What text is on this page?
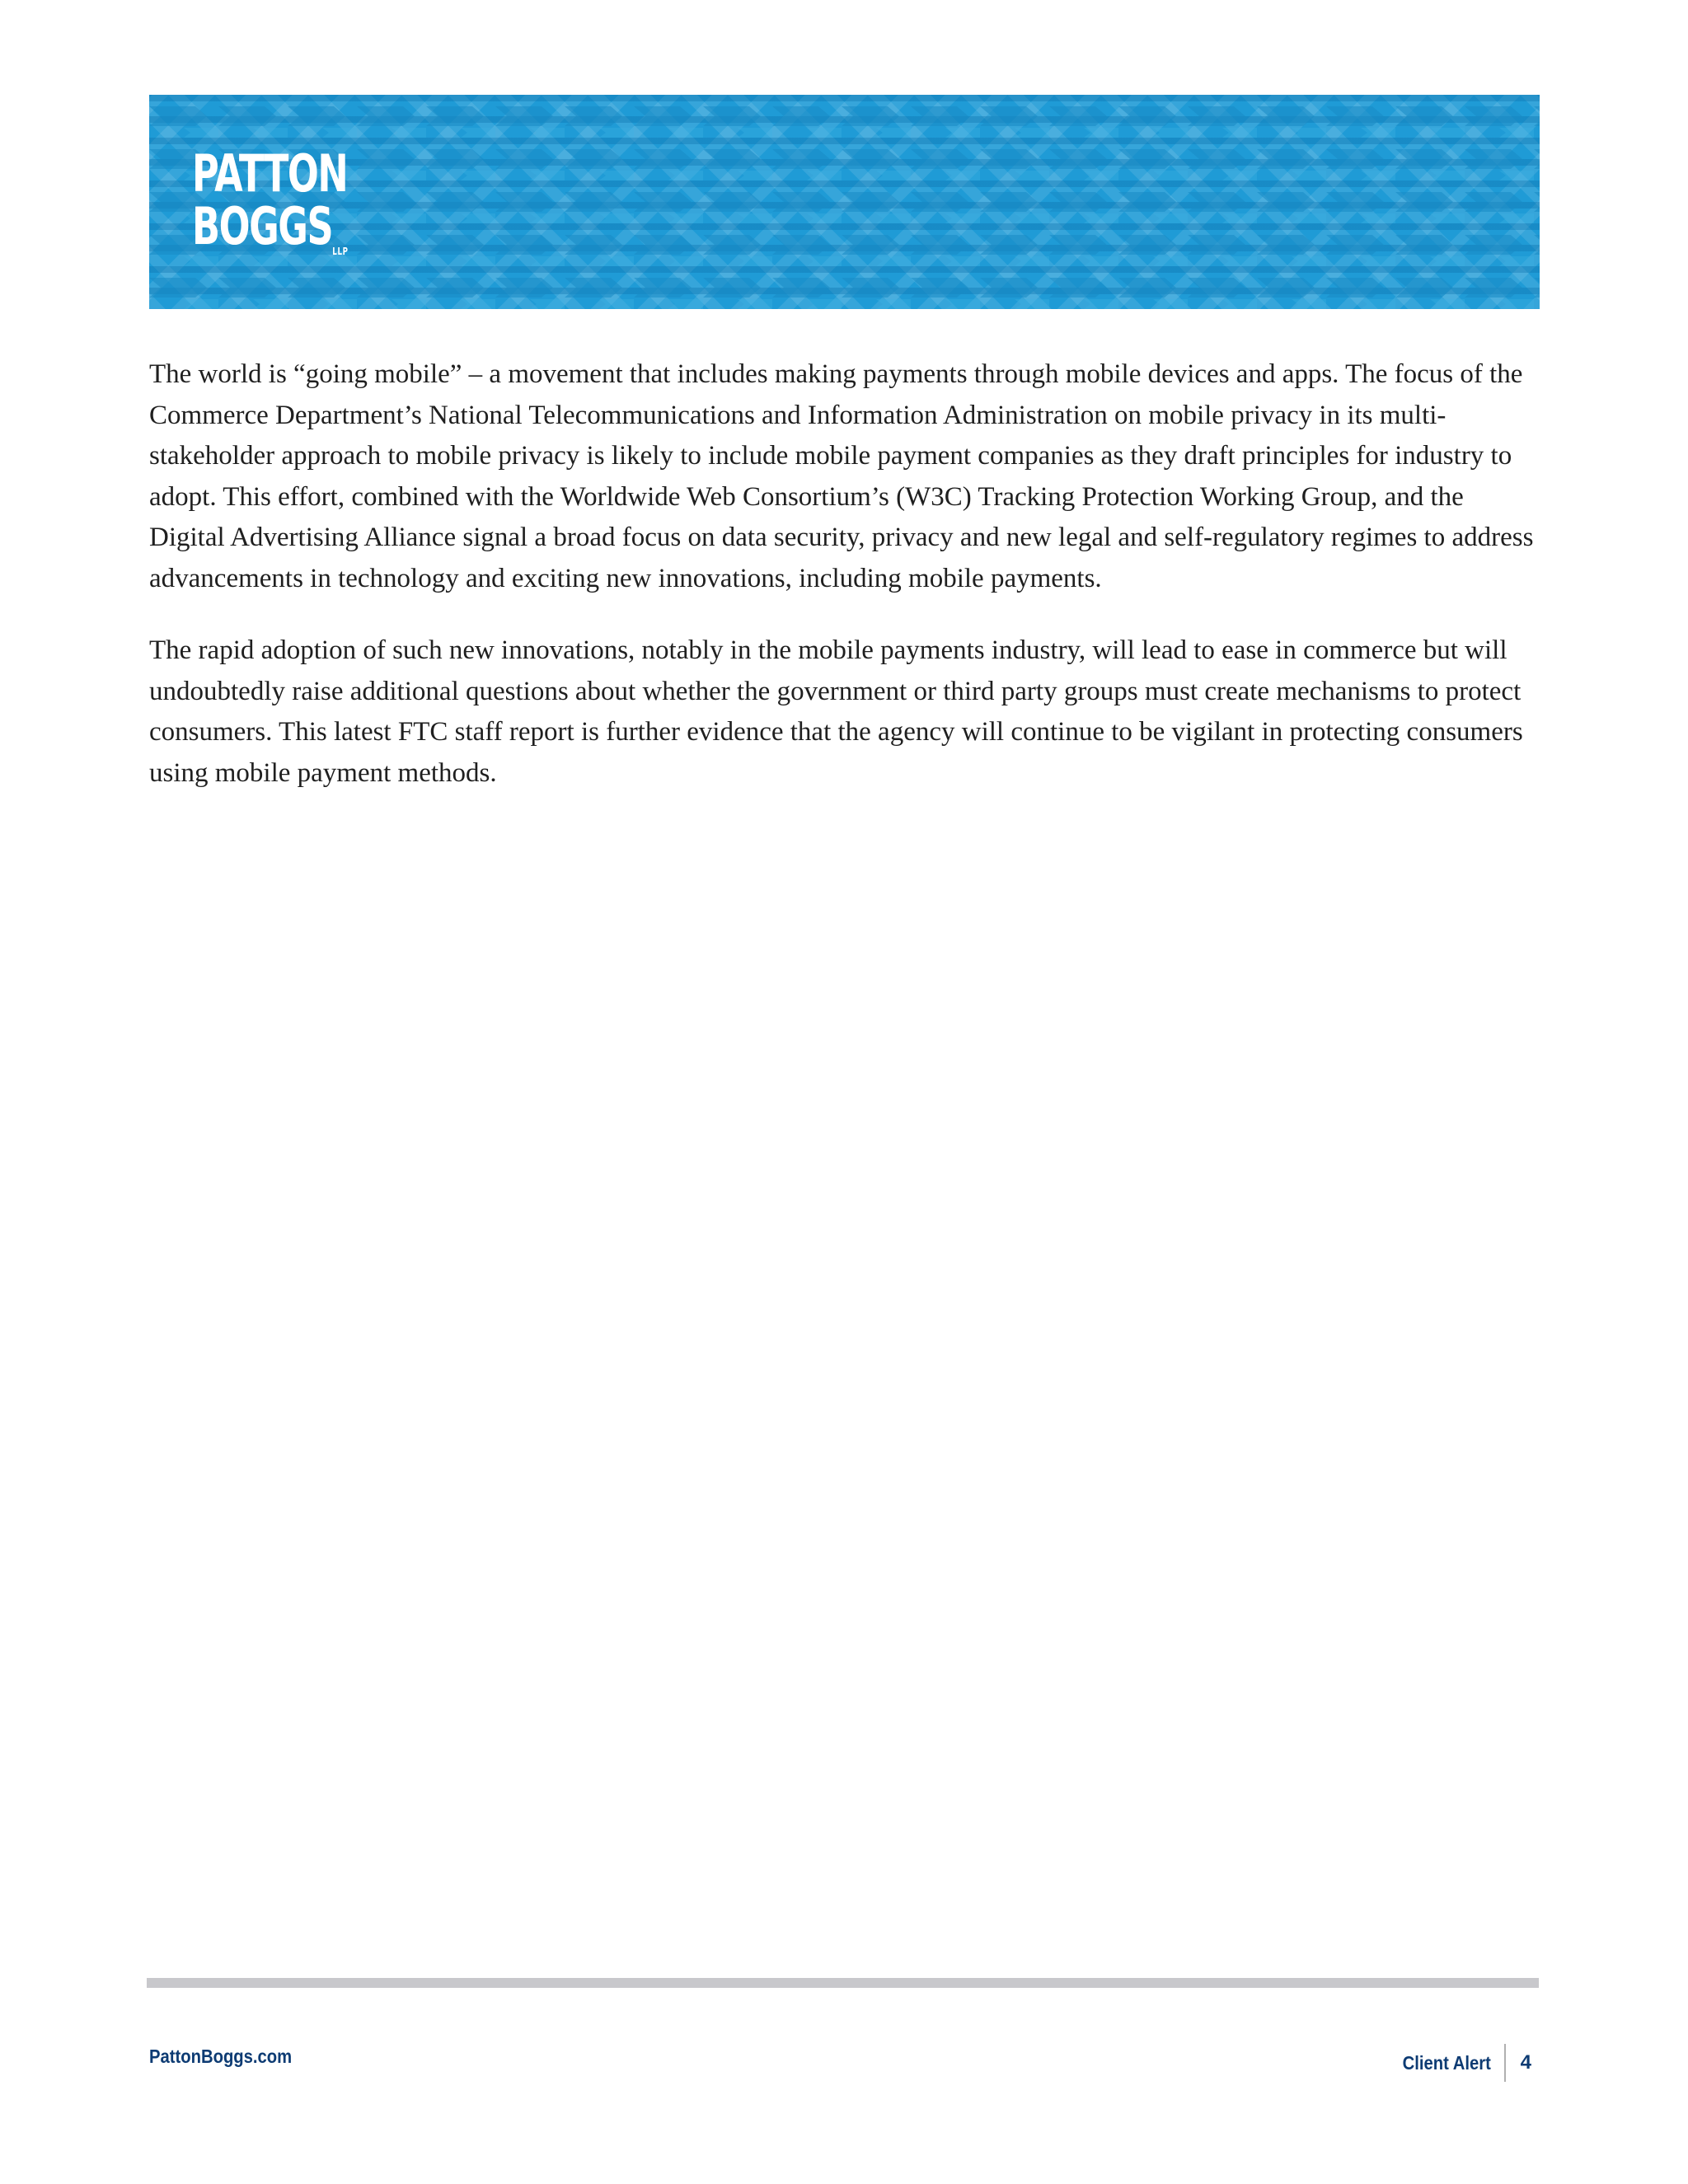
PATTON
$BOGGS^{LLP}$

The world is “going mobile” – a movement that includes making payments through mobile devices and apps. The focus of the Commerce Department’s National Telecommunications and Information Administration on mobile privacy in its multi-stakeholder approach to mobile privacy is likely to include mobile payment companies as they draft principles for industry to adopt. This effort, combined with the Worldwide Web Consortium’s (W3C) Tracking Protection Working Group, and the Digital Advertising Alliance signal a broad focus on data security, privacy and new legal and self-regulatory regimes to address advancements in technology and exciting new innovations, including mobile payments.

The rapid adoption of such new innovations, notably in the mobile payments industry, will lead to ease in commerce but will undoubtedly raise additional questions about whether the government or third party groups must create mechanisms to protect consumers. This latest FTC staff report is further evidence that the agency will continue to be vigilant in protecting consumers using mobile payment methods.

PattonBoggs.com	Client Alert 4
